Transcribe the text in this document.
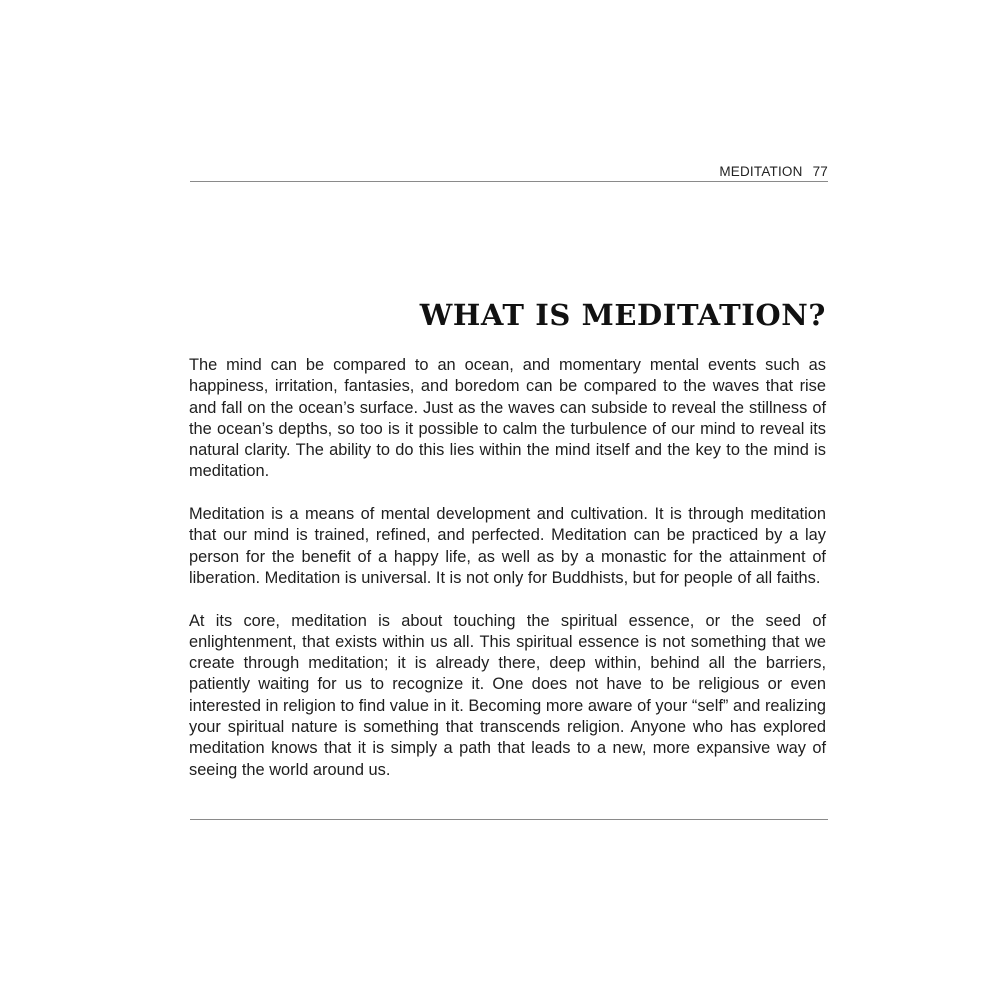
MEDITATION 77
WHAT IS MEDITATION?

The mind can be compared to an ocean, and momentary mental events such as happiness, irritation, fantasies, and boredom can be compared to the waves that rise and fall on the ocean’s surface. Just as the waves can subside to reveal the stillness of the ocean’s depths, so too is it possible to calm the turbulence of our mind to reveal its natural clarity. The ability to do this lies within the mind itself and the key to the mind is meditation.

Meditation is a means of mental development and cultivation. It is through meditation that our mind is trained, refined, and perfected. Meditation can be practiced by a lay person for the benefit of a happy life, as well as by a monastic for the attainment of liberation. Meditation is universal. It is not only for Buddhists, but for people of all faiths.

At its core, meditation is about touching the spiritual essence, or the seed of enlightenment, that exists within us all. This spiritual essence is not something that we create through meditation; it is already there, deep within, behind all the barriers, patiently waiting for us to recognize it. One does not have to be religious or even interested in religion to find value in it. Becoming more aware of your “self” and realizing your spiritual nature is something that transcends religion. Anyone who has explored meditation knows that it is simply a path that leads to a new, more expansive way of seeing the world around us.
